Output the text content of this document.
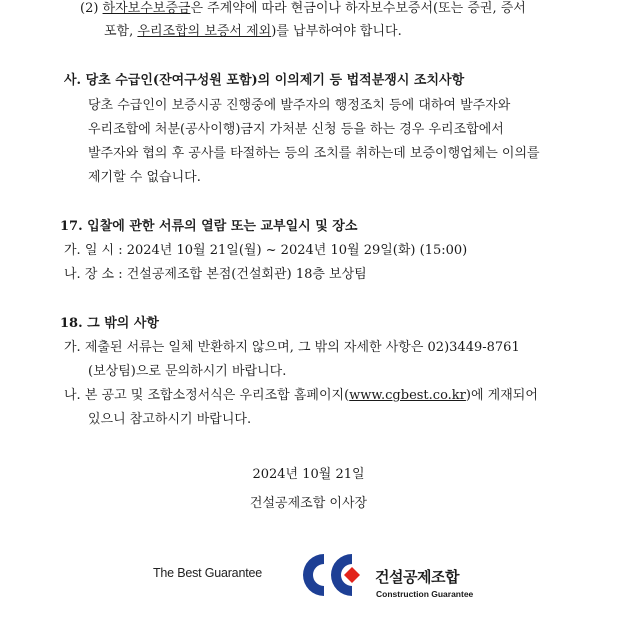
(2) 하자보수보증금은 주계약에 따라 현금이나 하자보수보증서(또는 증권, 증서
포함, 우리조합의 보증서 제외)를 납부하여야 합니다.
사. 당초 수급인(잔여구성원 포함)의 이의제기 등 법적분쟁시 조치사항
당초 수급인이 보증시공 진행중에 발주자의 행정조치 등에 대하여 발주자와
우리조합에 처분(공사이행)금지 가처분 신청 등을 하는 경우 우리조합에서
발주자와 협의 후 공사를 타절하는 등의 조치를 취하는데 보증이행업체는 이의를
제기할 수 없습니다.
17. 입찰에 관한 서류의 열람 또는 교부일시 및 장소
가. 일 시 : 2024년 10월 21일(월) ~ 2024년 10월 29일(화) (15:00)
나. 장 소 : 건설공제조합 본점(건설회관) 18층 보상팀
18. 그 밖의 사항
가. 제출된 서류는 일체 반환하지 않으며, 그 밖의 자세한 사항은 02)3449-8761
(보상팀)으로 문의하시기 바랍니다.
나. 본 공고 및 조합소정서식은 우리조합 홈페이지(www.cgbest.co.kr)에 게재되어
있으니 참고하시기 바랍니다.
2024년 10월 21일
건설공제조합 이사장
The Best Guarantee	건설공제조합
Construction Guarantee
